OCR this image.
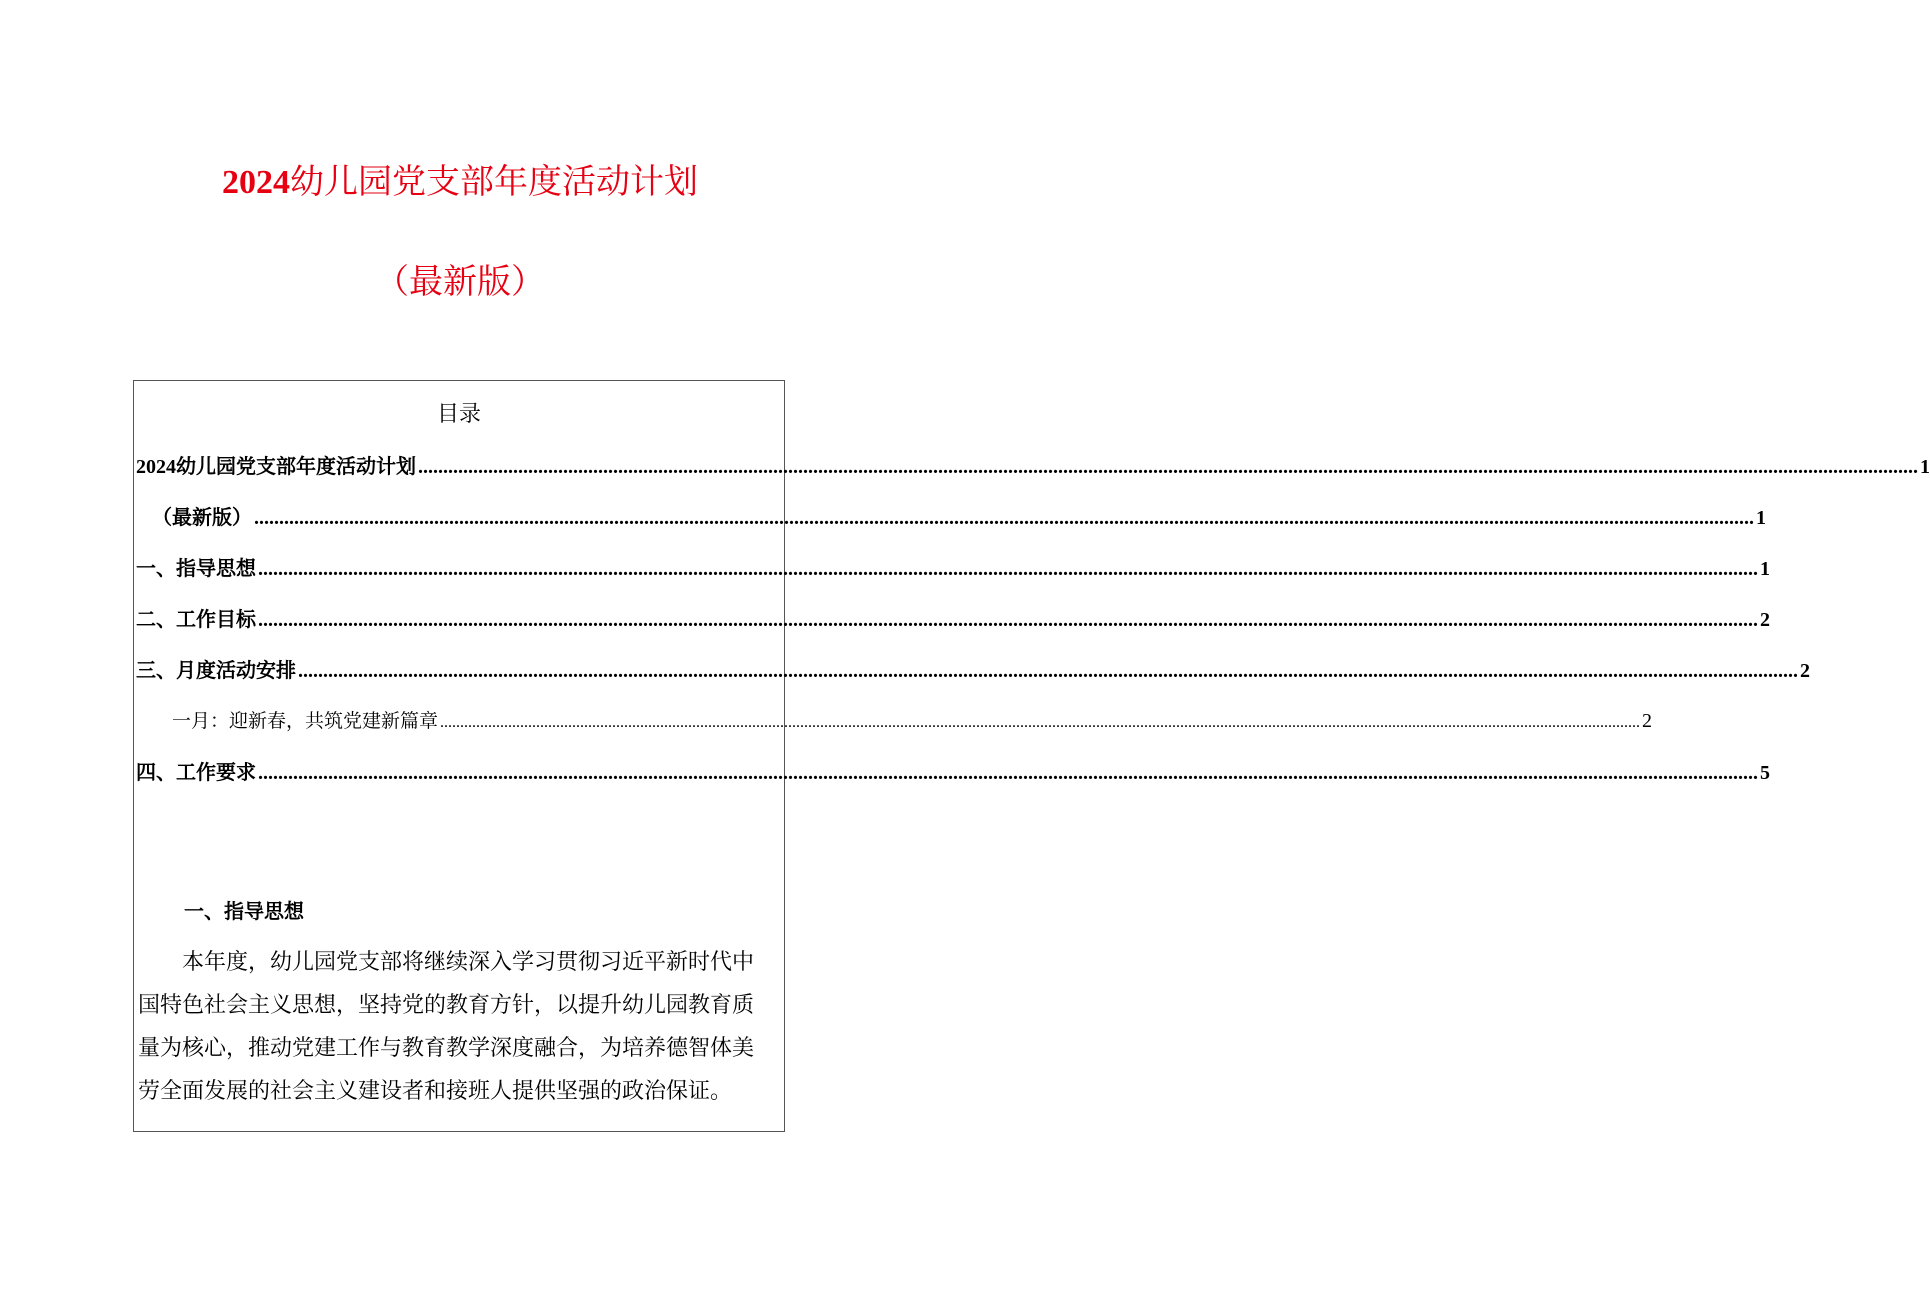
2024幼儿园党支部年度活动计划
（最新版）
目录
2024幼儿园党支部年度活动计划 ............................................................................................................................................................................................................................................................................................................ 1
（最新版） ............................................................................................................................................................................................................................................................................................................ 1
一、指导思想 ............................................................................................................................................................................................................................................................................................................ 1
二、工作目标 ............................................................................................................................................................................................................................................................................................................ 2
三、月度活动安排 ............................................................................................................................................................................................................................................................................................................ 2
一月：迎新春，共筑党建新篇章 ............................................................................................................................................................................................................................................................................................................ 2
四、工作要求 ............................................................................................................................................................................................................................................................................................................ 5
一、指导思想
本年度，幼儿园党支部将继续深入学习贯彻习近平新时代中
国特色社会主义思想，坚持党的教育方针，以提升幼儿园教育质
量为核心，推动党建工作与教育教学深度融合，为培养德智体美
劳全面发展的社会主义建设者和接班人提供坚强的政治保证。
